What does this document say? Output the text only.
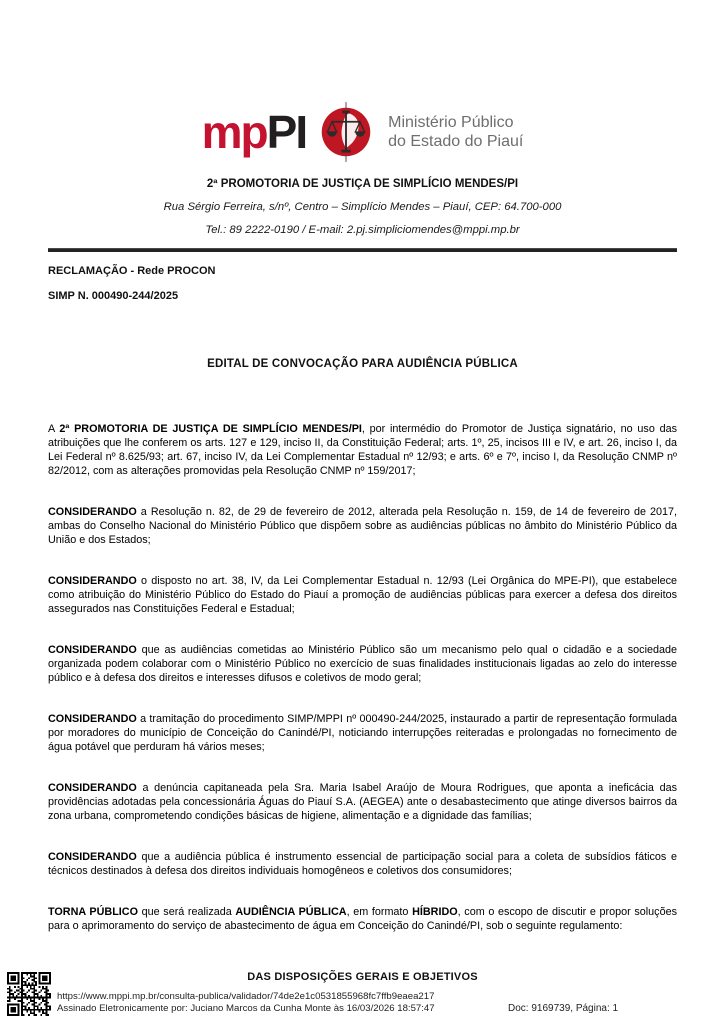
mp PI	Ministério Público
do Estado do Piauí
2ª PROMOTORIA DE JUSTIÇA DE SIMPLÍCIO MENDES/PI
Rua Sérgio Ferreira, s/nº, Centro – Simplício Mendes – Piauí, CEP: 64.700-000
Tel.: 89 2222-0190 / E-mail: 2.pj.simpliciomendes@mppi.mp.br
RECLAMAÇÃO - Rede PROCON
SIMP N. 000490-244/2025
EDITAL DE CONVOCAÇÃO PARA AUDIÊNCIA PÚBLICA

A 2ª PROMOTORIA DE JUSTIÇA DE SIMPLÍCIO MENDES/PI, por intermédio do Promotor de Justiça signatário, no uso das atribuições que lhe conferem os arts. 127 e 129, inciso II, da Constituição Federal; arts. 1º, 25, incisos III e IV, e art. 26, inciso I, da Lei Federal nº 8.625/93; art. 67, inciso IV, da Lei Complementar Estadual nº 12/93; e arts. 6º e 7º, inciso I, da Resolução CNMP nº 82/2012, com as alterações promovidas pela Resolução CNMP nº 159/2017;

CONSIDERANDO a Resolução n. 82, de 29 de fevereiro de 2012, alterada pela Resolução n. 159, de 14 de fevereiro de 2017, ambas do Conselho Nacional do Ministério Público que dispõem sobre as audiências públicas no âmbito do Ministério Público da União e dos Estados;

CONSIDERANDO o disposto no art. 38, IV, da Lei Complementar Estadual n. 12/93 (Lei Orgânica do MPE-PI), que estabelece como atribuição do Ministério Público do Estado do Piauí a promoção de audiências públicas para exercer a defesa dos direitos assegurados nas Constituições Federal e Estadual;

CONSIDERANDO que as audiências cometidas ao Ministério Público são um mecanismo pelo qual o cidadão e a sociedade organizada podem colaborar com o Ministério Público no exercício de suas finalidades institucionais ligadas ao zelo do interesse público e à defesa dos direitos e interesses difusos e coletivos de modo geral;

CONSIDERANDO a tramitação do procedimento SIMP/MPPI nº 000490-244/2025, instaurado a partir de representação formulada por moradores do município de Conceição do Canindé/PI, noticiando interrupções reiteradas e prolongadas no fornecimento de água potável que perduram há vários meses;

CONSIDERANDO a denúncia capitaneada pela Sra. Maria Isabel Araújo de Moura Rodrigues, que aponta a ineficácia das providências adotadas pela concessionária Águas do Piauí S.A. (AEGEA) ante o desabastecimento que atinge diversos bairros da zona urbana, comprometendo condições básicas de higiene, alimentação e a dignidade das famílias;

CONSIDERANDO que a audiência pública é instrumento essencial de participação social para a coleta de subsídios fáticos e técnicos destinados à defesa dos direitos individuais homogêneos e coletivos dos consumidores;

TORNA PÚBLICO que será realizada AUDIÊNCIA PÚBLICA, em formato HÍBRIDO, com o escopo de discutir e propor soluções para o aprimoramento do serviço de abastecimento de água em Conceição do Canindé/PI, sob o seguinte regulamento:

DAS DISPOSIÇÕES GERAIS E OBJETIVOS
https://www.mppi.mp.br/consulta-publica/validador/74de2e1c0531855968fc7ffb9eaea217
Assinado Eletronicamente por: Juciano Marcos da Cunha Monte às 16/03/2026 18:57:47	Doc: 9169739, Página: 1
